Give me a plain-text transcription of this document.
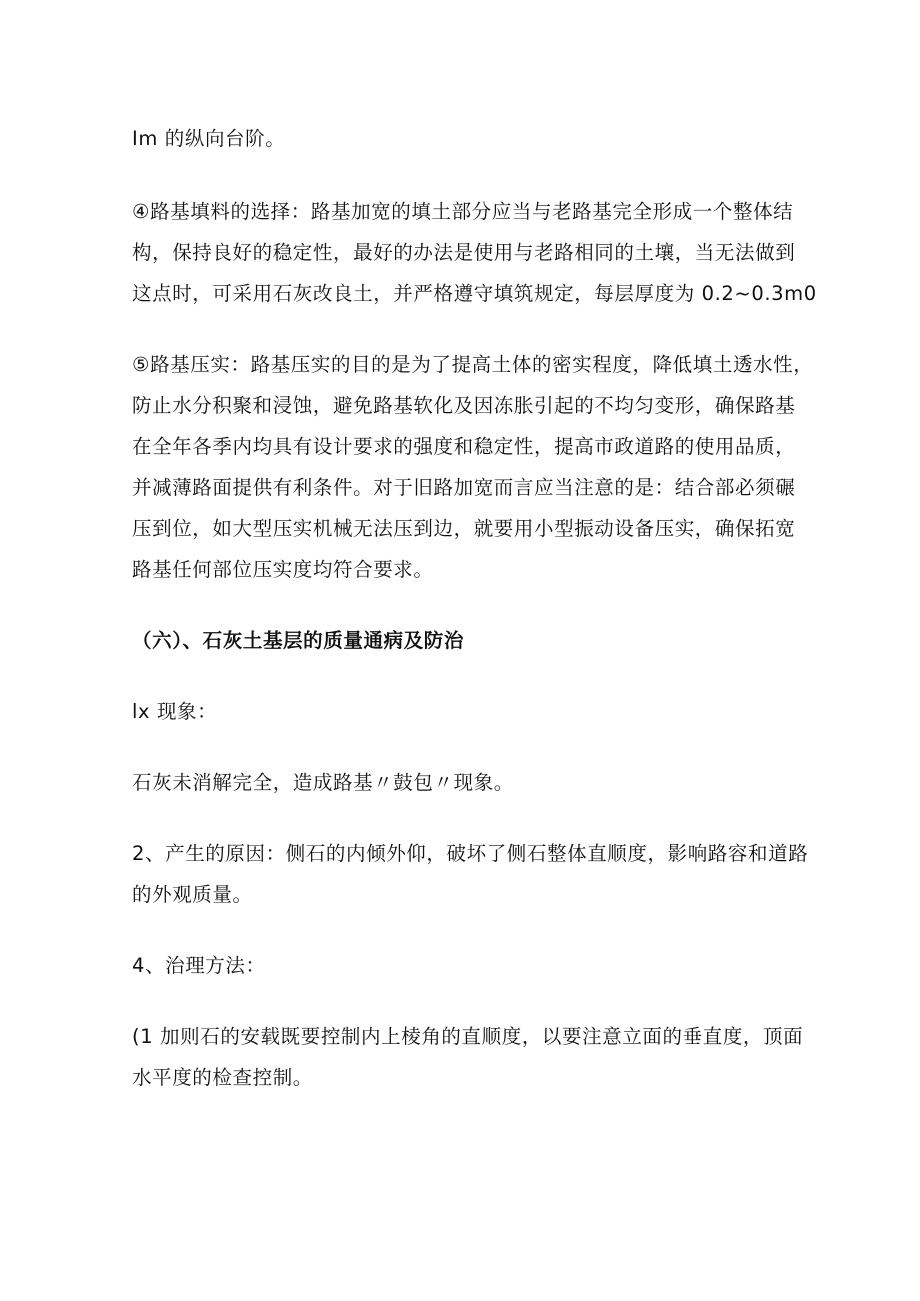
Im 的纵向台阶。

④路基填料的选择：路基加宽的填土部分应当与老路基完全形成一个整体结
构，保持良好的稳定性，最好的办法是使用与老路相同的土壤，当无法做到
这点时，可采用石灰改良土，并严格遵守填筑规定，每层厚度为 0.2~0.3m0

⑤路基压实：路基压实的目的是为了提高土体的密实程度，降低填土透水性，
防止水分积聚和浸蚀，避免路基软化及因冻胀引起的不均匀变形，确保路基
在全年各季内均具有设计要求的强度和稳定性，提高市政道路的使用品质，
并减薄路面提供有利条件。对于旧路加宽而言应当注意的是：结合部必须碾
压到位，如大型压实机械无法压到边，就要用小型振动设备压实，确保拓宽
路基任何部位压实度均符合要求。

（六）、石灰土基层的质量通病及防治

lx 现象：

石灰未消解完全，造成路基〃鼓包〃现象。

2、产生的原因：侧石的内倾外仰，破坏了侧石整体直顺度，影响路容和道路
的外观质量。

4、治理方法：

(1 加则石的安载既要控制内上棱角的直顺度，以要注意立面的垂直度，顶面
水平度的检查控制。
